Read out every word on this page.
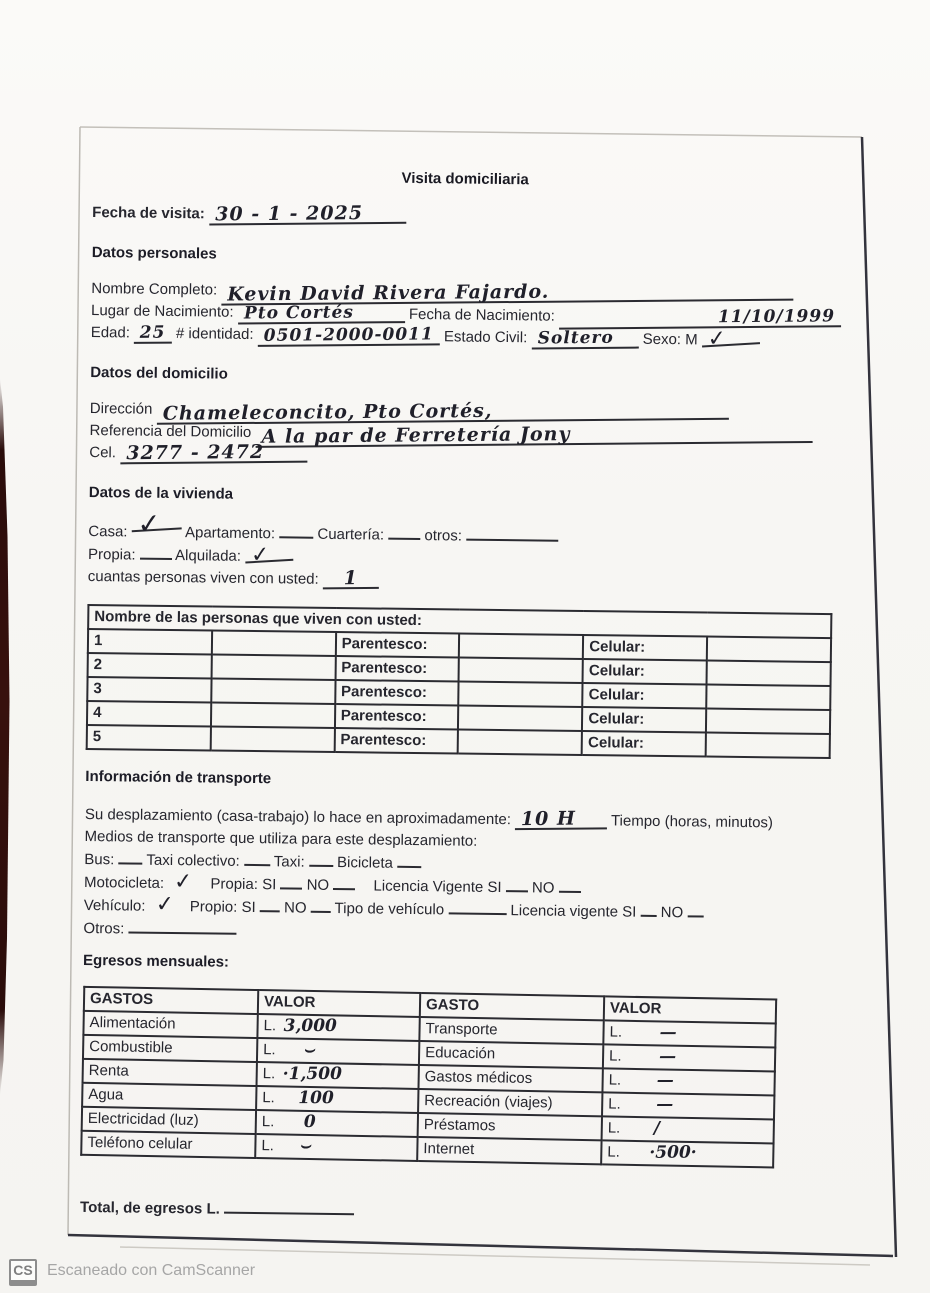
Visita domiciliaria
Fecha de visita: 30 - 1 - 2025
Datos personales
Nombre Completo: Kevin David Rivera Fajardo.
Lugar de Nacimiento: Pto Cortés	Fecha de Nacimiento:	11/10/1999
Edad: 25 # identidad: 0501-2000-0011 Estado Civil: Soltero Sexo: M ✓
Datos del domicilio
Dirección Chameleconcito, Pto Cortés,
Referencia del Domicilio A la par de Ferretería Jony
Cel. 3277 - 2472
Datos de la vivienda
Casa: ✓ Apartamento:	Cuartería:	otros:
Propia:	Alquilada: ✓
cuantas personas viven con usted: 1
Nombre de las personas que viven con usted:					
1		Parentesco:		Celular:	
2		Parentesco:		Celular:	
3		Parentesco:		Celular:	
4		Parentesco:		Celular:	
5		Parentesco:		Celular:	
Información de transporte
Su desplazamiento (casa-trabajo) lo hace en aproximadamente: 10 H Tiempo (horas, minutos)
Medios de transporte que utiliza para este desplazamiento:
Bus: Taxi colectivo: Taxi: Bicicleta
Motocicleta: ✓ Propia: SI NO	Licencia Vigente SI NO
Vehículo: ✓ Propio: SI NO Tipo de vehículo	Licencia vigente SI NO
Otros:
Egresos mensuales:
GASTOS	VALOR	GASTO	VALOR
Alimentación	L. 3,000	Transporte	L. —
Combustible	L. ⌣	Educación	L. —
Renta	L. ·1,500	Gastos médicos	L. —
Agua	L. 100	Recreación (viajes)	L. —
Electricidad (luz)	L. 0	Préstamos	L. ∕
Teléfono celular	L. ⌣	Internet	L. ·500·
Total, de egresos L.
CS Escaneado con CamScanner
